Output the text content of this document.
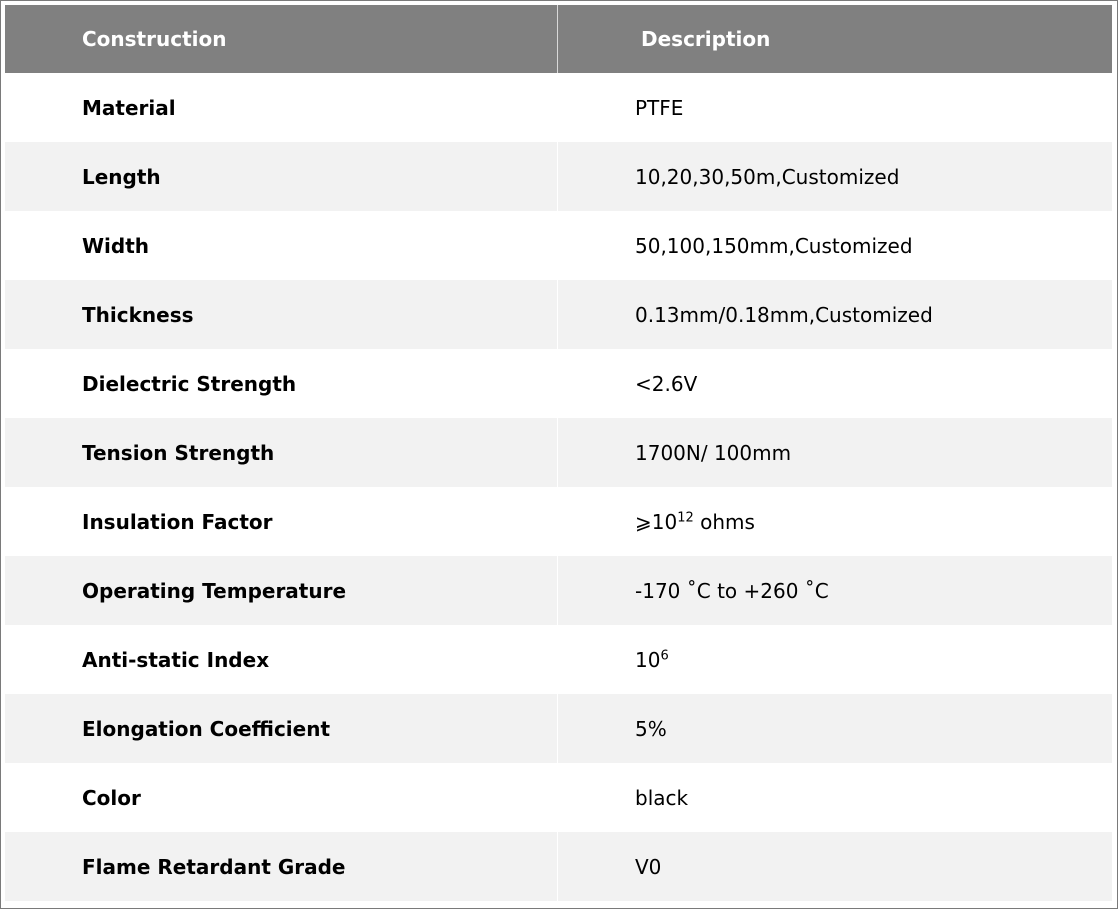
Construction	Description
Material	PTFE
Length	10,20,30,50m,Customized
Width	50,100,150mm,Customized
Thickness	0.13mm/0.18mm,Customized
Dielectric Strength	<2.6V
Tension Strength	1700N/ 100mm
Insulation Factor	$⩾10^{12}$ ohms
Operating Temperature	-170 ˚C to +260 ˚C
Anti-static Index	$10^6$
Elongation Coefficient	5%
Color	black
Flame Retardant Grade	V0
